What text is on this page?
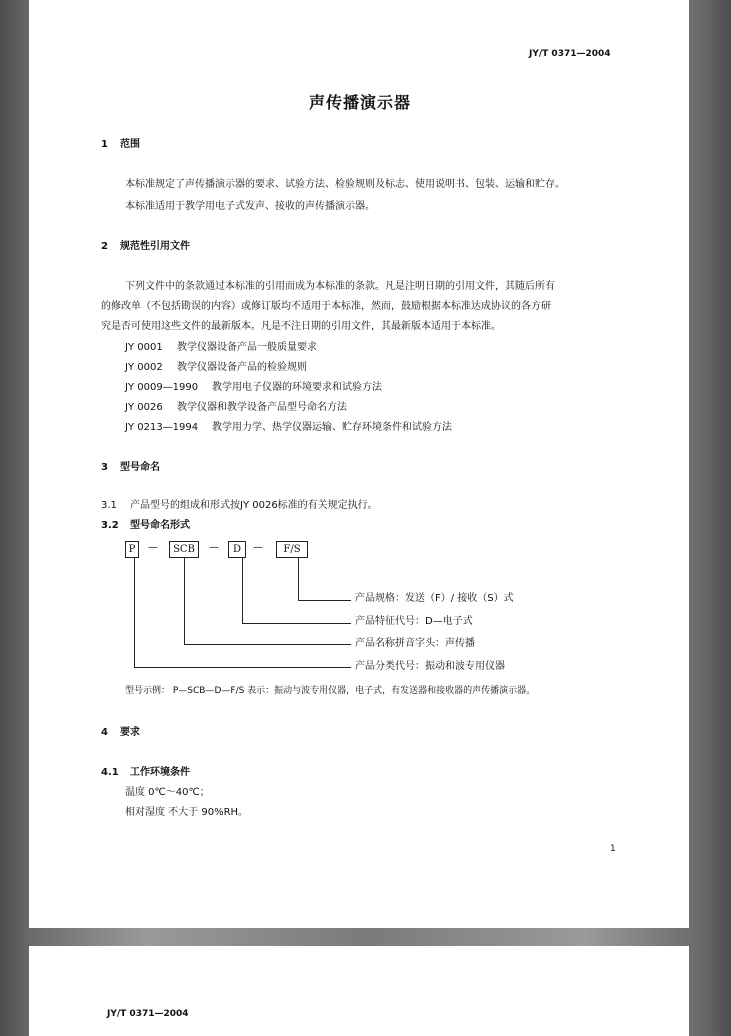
JY/T 0371—2004
声传播演示器
1 范围
本标准规定了声传播演示器的要求、试验方法、检验规则及标志、使用说明书、包装、运输和贮存。
本标准适用于教学用电子式发声、接收的声传播演示器。
2 规范性引用文件
下列文件中的条款通过本标准的引用而成为本标准的条款。凡是注明日期的引用文件，其随后所有
的修改单（不包括勘误的内容）或修订版均不适用于本标准，然而，鼓励根据本标准达成协议的各方研
究是否可使用这些文件的最新版本。凡是不注日期的引用文件，其最新版本适用于本标准。
JY 0001 教学仪器设备产品一般质量要求
JY 0002 教学仪器设备产品的检验规则
JY 0009—1990 教学用电子仪器的环境要求和试验方法
JY 0026 教学仪器和教学设备产品型号命名方法
JY 0213—1994 教学用力学、热学仪器运输、贮存环境条件和试验方法
3 型号命名
3.1 产品型号的组成和形式按JY 0026标准的有关规定执行。
3.2 型号命名形式
P	—	SCB	—	D	—	F/S
产品规格：发送（F）/ 接收（S）式
产品特征代号：D—电子式
产品名称拼音字头：声传播
产品分类代号：振动和波专用仪器
型号示例： P—SCB—D—F/S 表示：振动与波专用仪器，电子式，有发送器和接收器的声传播演示器。
4 要求
4.1 工作环境条件
温度 0℃～40℃；
相对湿度 不大于 90%RH。
1
JY/T 0371—2004
